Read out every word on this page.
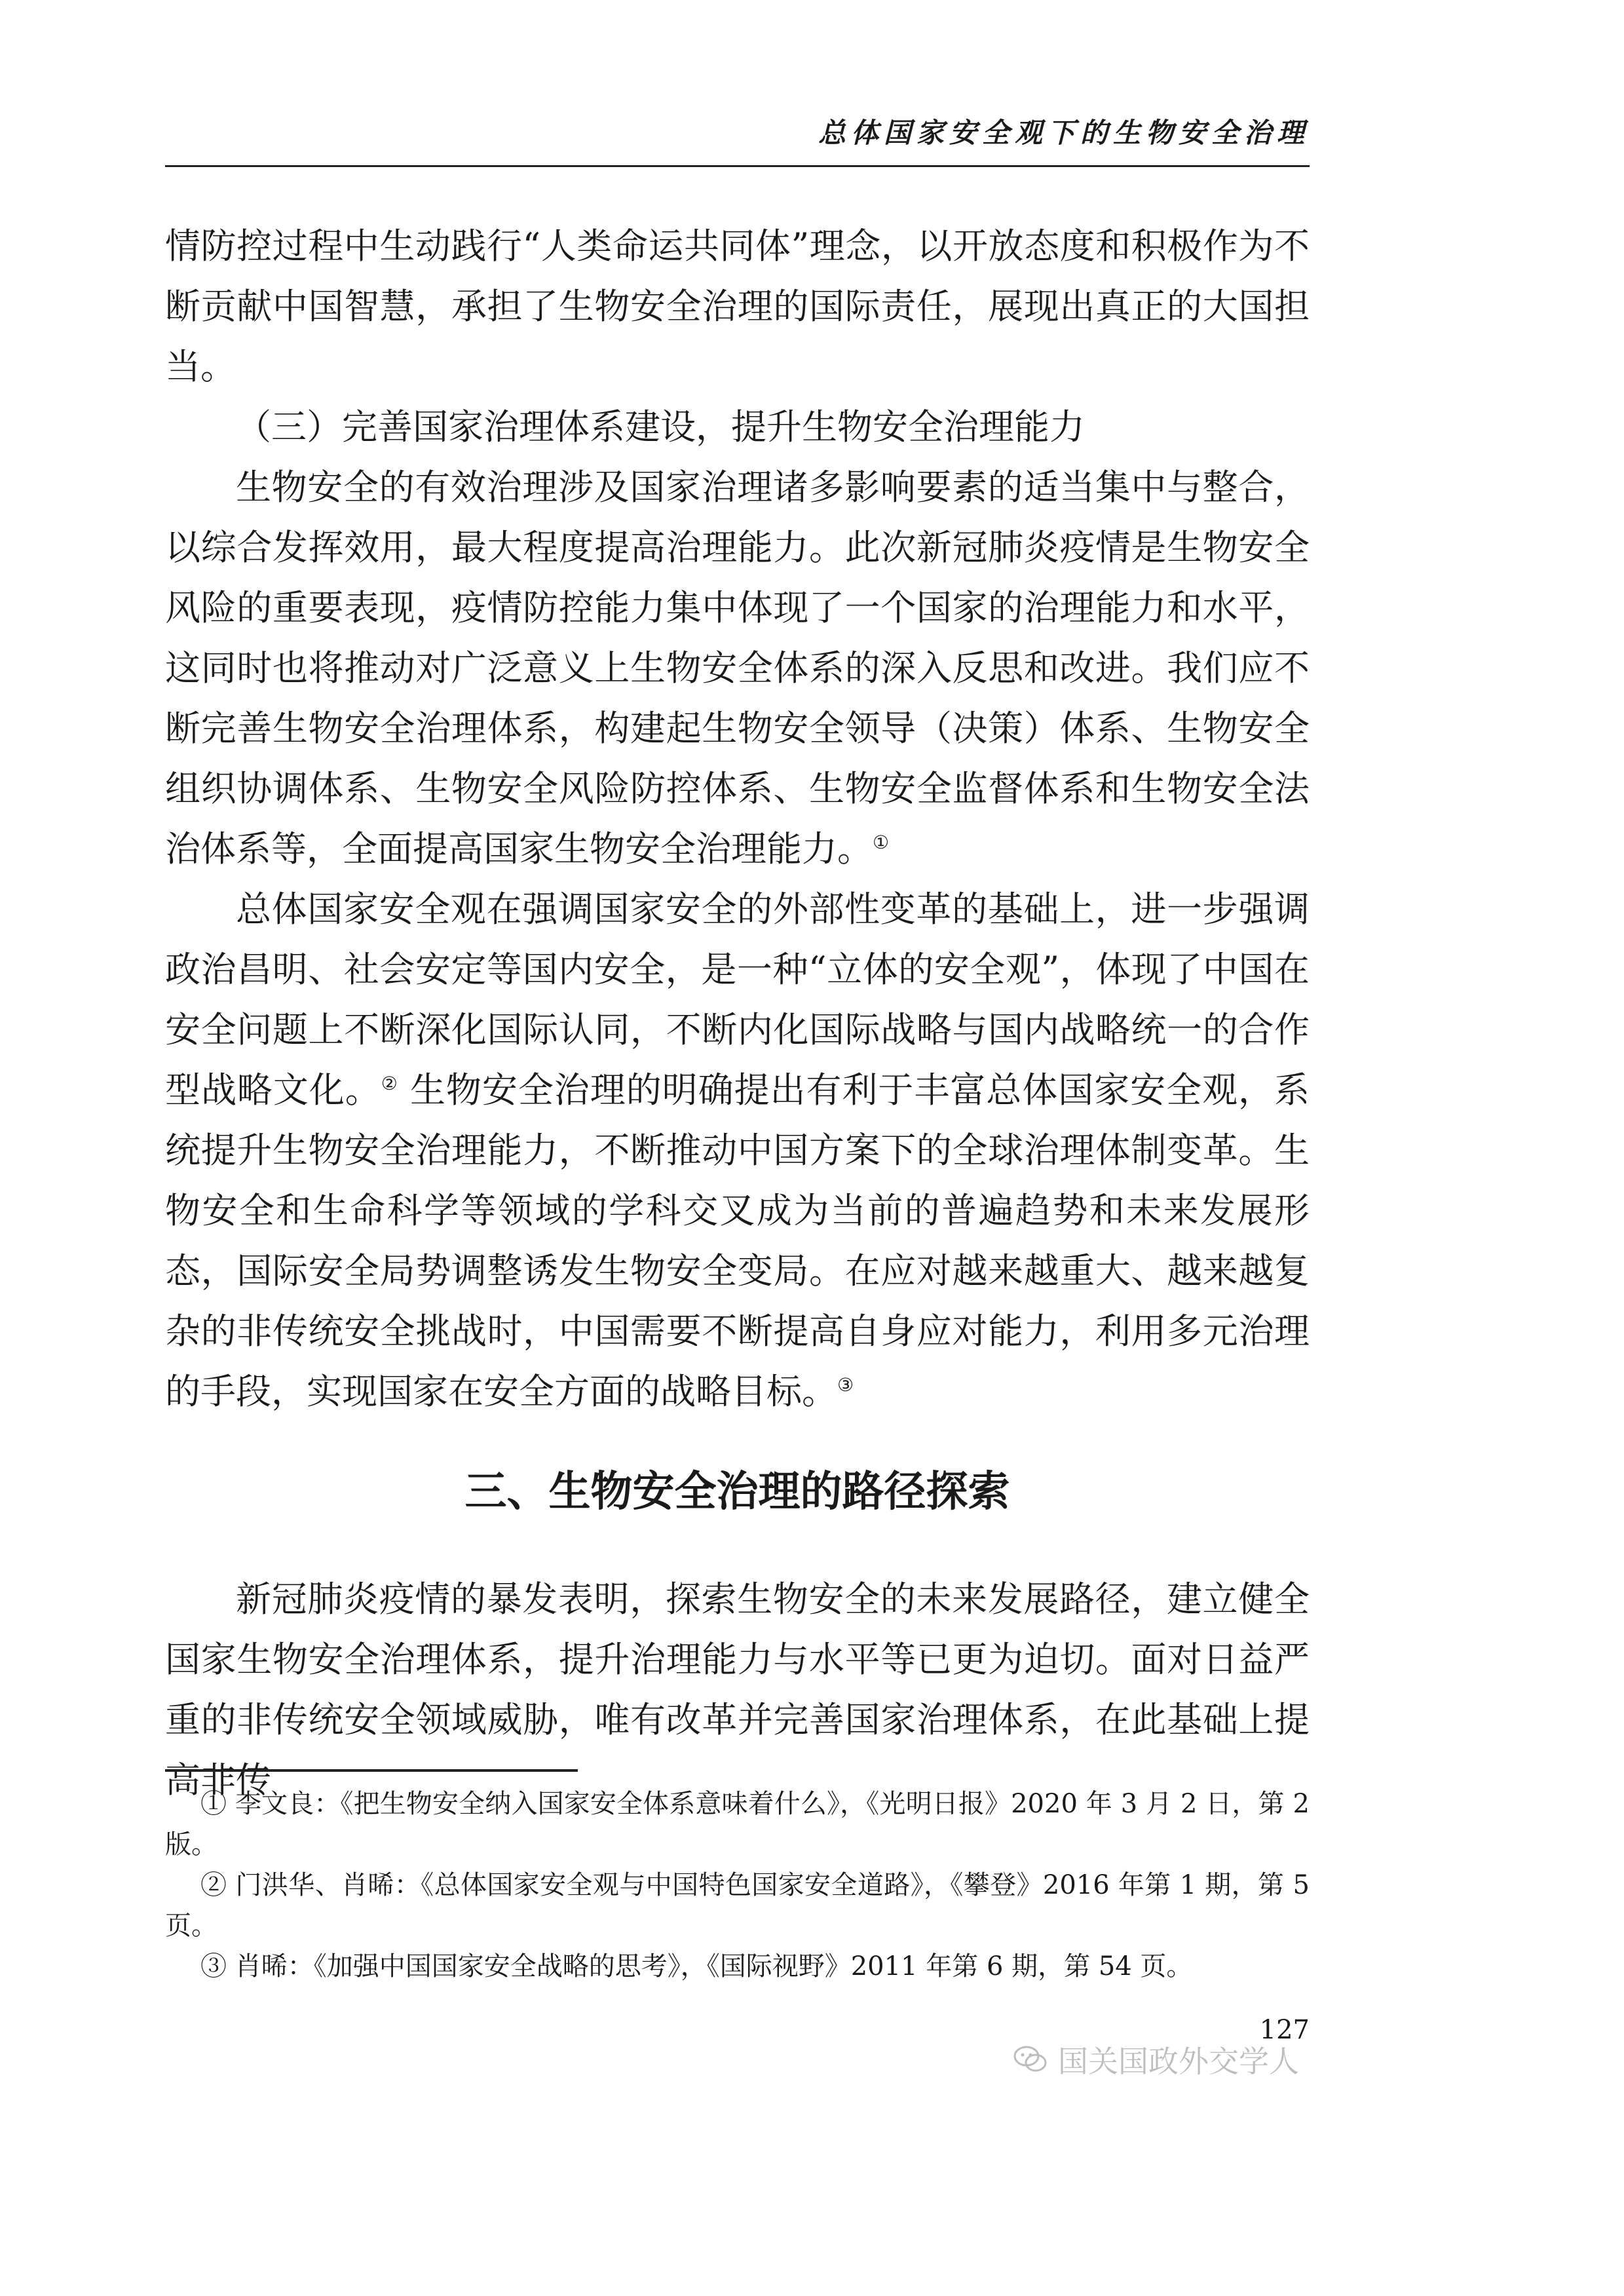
总体国家安全观下的生物安全治理

情防控过程中生动践行“人类命运共同体”理念，以开放态度和积极作为不断贡献中国智慧，承担了生物安全治理的国际责任，展现出真正的大国担当。

（三）完善国家治理体系建设，提升生物安全治理能力

生物安全的有效治理涉及国家治理诸多影响要素的适当集中与整合，以综合发挥效用，最大程度提高治理能力。此次新冠肺炎疫情是生物安全风险的重要表现，疫情防控能力集中体现了一个国家的治理能力和水平，这同时也将推动对广泛意义上生物安全体系的深入反思和改进。我们应不断完善生物安全治理体系，构建起生物安全领导（决策）体系、生物安全组织协调体系、生物安全风险防控体系、生物安全监督体系和生物安全法治体系等，全面提高国家生物安全治理能力。①

总体国家安全观在强调国家安全的外部性变革的基础上，进一步强调政治昌明、社会安定等国内安全，是一种“立体的安全观”，体现了中国在安全问题上不断深化国际认同，不断内化国际战略与国内战略统一的合作型战略文化。② 生物安全治理的明确提出有利于丰富总体国家安全观，系统提升生物安全治理能力，不断推动中国方案下的全球治理体制变革。生物安全和生命科学等领域的学科交叉成为当前的普遍趋势和未来发展形态，国际安全局势调整诱发生物安全变局。在应对越来越重大、越来越复杂的非传统安全挑战时，中国需要不断提高自身应对能力，利用多元治理的手段，实现国家在安全方面的战略目标。③

三、生物安全治理的路径探索

新冠肺炎疫情的暴发表明，探索生物安全的未来发展路径，建立健全国家生物安全治理体系，提升治理能力与水平等已更为迫切。面对日益严重的非传统安全领域威胁，唯有改革并完善国家治理体系，在此基础上提高非传

① 李文良：《把生物安全纳入国家安全体系意味着什么》，《光明日报》2020 年 3 月 2 日，第 2 版。

② 门洪华、肖晞：《总体国家安全观与中国特色国家安全道路》，《攀登》2016 年第 1 期，第 5 页。

③ 肖晞：《加强中国国家安全战略的思考》，《国际视野》2011 年第 6 期，第 54 页。

127
国关国政外交学人
